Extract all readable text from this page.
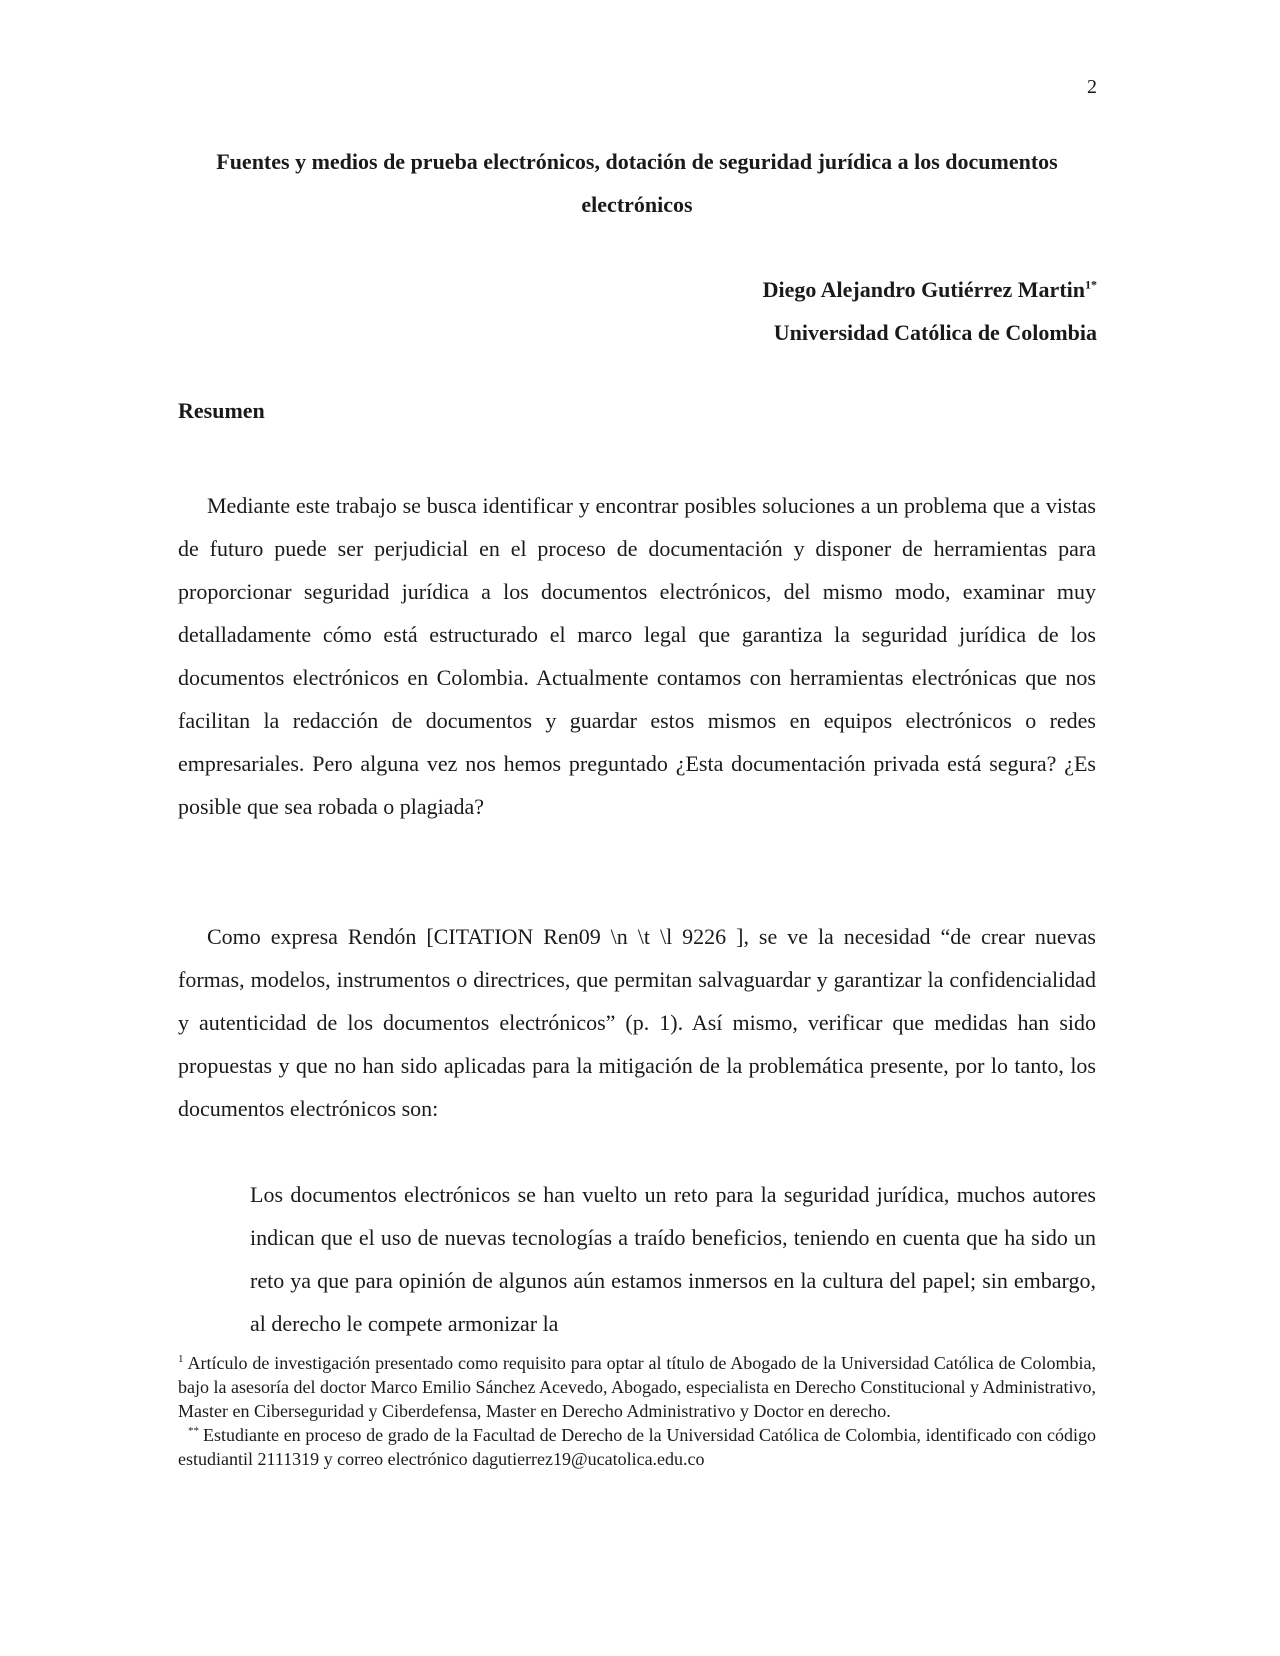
2
Fuentes y medios de prueba electrónicos, dotación de seguridad jurídica a los documentos electrónicos
Diego Alejandro Gutiérrez Martin$^{1*}$
Universidad Católica de Colombia
Resumen

Mediante este trabajo se busca identificar y encontrar posibles soluciones a un problema que a vistas de futuro puede ser perjudicial en el proceso de documentación y disponer de herramientas para proporcionar seguridad jurídica a los documentos electrónicos, del mismo modo, examinar muy detalladamente cómo está estructurado el marco legal que garantiza la seguridad jurídica de los documentos electrónicos en Colombia. Actualmente contamos con herramientas electrónicas que nos facilitan la redacción de documentos y guardar estos mismos en equipos electrónicos o redes empresariales. Pero alguna vez nos hemos preguntado ¿Esta documentación privada está segura? ¿Es posible que sea robada o plagiada?

Como expresa Rendón [CITATION Ren09 \n \t \l 9226 ], se ve la necesidad “de crear nuevas formas, modelos, instrumentos o directrices, que permitan salvaguardar y garantizar la confidencialidad y autenticidad de los documentos electrónicos” (p. 1). Así mismo, verificar que medidas han sido propuestas y que no han sido aplicadas para la mitigación de la problemática presente, por lo tanto, los documentos electrónicos son:

Los documentos electrónicos se han vuelto un reto para la seguridad jurídica, muchos autores indican que el uso de nuevas tecnologías a traído beneficios, teniendo en cuenta que ha sido un reto ya que para opinión de algunos aún estamos inmersos en la cultura del papel; sin embargo, al derecho le compete armonizar la

$^1$ Artículo de investigación presentado como requisito para optar al título de Abogado de la Universidad Católica de Colombia, bajo la asesoría del doctor Marco Emilio Sánchez Acevedo, Abogado, especialista en Derecho Constitucional y Administrativo, Master en Ciberseguridad y Ciberdefensa, Master en Derecho Administrativo y Doctor en derecho.

** Estudiante en proceso de grado de la Facultad de Derecho de la Universidad Católica de Colombia, identificado con código estudiantil 2111319 y correo electrónico dagutierrez19@ucatolica.edu.co
